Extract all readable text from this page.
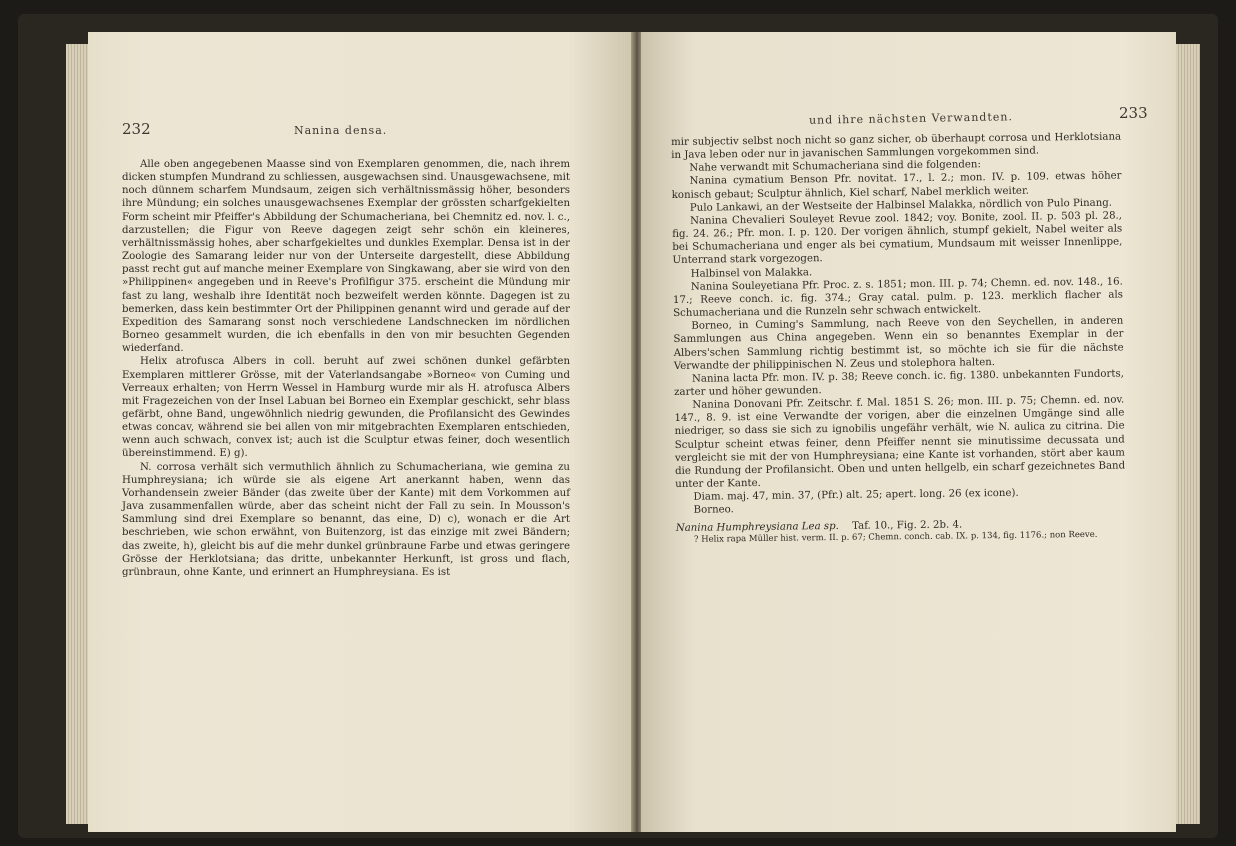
232	Nanina densa.

Alle oben angegebenen Maasse sind von Exemplaren genommen, die, nach ihrem dicken stumpfen Mundrand zu schliessen, ausgewachsen sind. Unausgewachsene, mit noch dünnem scharfem Mundsaum, zeigen sich verhältnissmässig höher, besonders ihre Mündung; ein solches unausgewachsenes Exemplar der grössten scharfgekielten Form scheint mir Pfeiffer's Abbildung der Schumacheriana, bei Chemnitz ed. nov. l. c., darzustellen; die Figur von Reeve dagegen zeigt sehr schön ein kleineres, verhältnissmässig hohes, aber scharfgekieltes und dunkles Exemplar. Densa ist in der Zoologie des Samarang leider nur von der Unterseite dargestellt, diese Abbildung passt recht gut auf manche meiner Exemplare von Singkawang, aber sie wird von den »Philippinen« angegeben und in Reeve's Profilfigur 375. erscheint die Mündung mir fast zu lang, weshalb ihre Identität noch bezweifelt werden könnte. Dagegen ist zu bemerken, dass kein bestimmter Ort der Philippinen genannt wird und gerade auf der Expedition des Samarang sonst noch verschiedene Landschnecken im nördlichen Borneo gesammelt wurden, die ich ebenfalls in den von mir besuchten Gegenden wiederfand.

Helix atrofusca Albers in coll. beruht auf zwei schönen dunkel gefärbten Exemplaren mittlerer Grösse, mit der Vaterlandsangabe »Borneo« von Cuming und Verreaux erhalten; von Herrn Wessel in Hamburg wurde mir als H. atrofusca Albers mit Fragezeichen von der Insel Labuan bei Borneo ein Exemplar geschickt, sehr blass gefärbt, ohne Band, ungewöhnlich niedrig gewunden, die Profilansicht des Gewindes etwas concav, während sie bei allen von mir mitgebrachten Exemplaren entschieden, wenn auch schwach, convex ist; auch ist die Sculptur etwas feiner, doch wesentlich übereinstimmend. E) g).

N. corrosa verhält sich vermuthlich ähnlich zu Schumacheriana, wie gemina zu Humphreysiana; ich würde sie als eigene Art anerkannt haben, wenn das Vorhandensein zweier Bänder (das zweite über der Kante) mit dem Vorkommen auf Java zusammenfallen würde, aber das scheint nicht der Fall zu sein. In Mousson's Sammlung sind drei Exemplare so benannt, das eine, D) c), wonach er die Art beschrieben, wie schon erwähnt, von Buitenzorg, ist das einzige mit zwei Bändern; das zweite, h), gleicht bis auf die mehr dunkel grünbraune Farbe und etwas geringere Grösse der Herklotsiana; das dritte, unbekannter Herkunft, ist gross und flach, grünbraun, ohne Kante, und erinnert an Humphreysiana. Es ist

und ihre nächsten Verwandten.	233

mir subjectiv selbst noch nicht so ganz sicher, ob überhaupt corrosa und Herklotsiana in Java leben oder nur in javanischen Sammlungen vorgekommen sind.

Nahe verwandt mit Schumacheriana sind die folgenden:

Nanina cymatium Benson Pfr. novitat. 17., l. 2.; mon. IV. p. 109. etwas höher konisch gebaut; Sculptur ähnlich, Kiel scharf, Nabel merklich weiter.

Pulo Lankawi, an der Westseite der Halbinsel Malakka, nördlich von Pulo Pinang.

Nanina Chevalieri Souleyet Revue zool. 1842; voy. Bonite, zool. II. p. 503 pl. 28., fig. 24. 26.; Pfr. mon. I. p. 120. Der vorigen ähnlich, stumpf gekielt, Nabel weiter als bei Schumacheriana und enger als bei cymatium, Mundsaum mit weisser Innenlippe, Unterrand stark vorgezogen.

Halbinsel von Malakka.

Nanina Souleyetiana Pfr. Proc. z. s. 1851; mon. III. p. 74; Chemn. ed. nov. 148., 16. 17.; Reeve conch. ic. fig. 374.; Gray catal. pulm. p. 123. merklich flacher als Schumacheriana und die Runzeln sehr schwach entwickelt.

Borneo, in Cuming's Sammlung, nach Reeve von den Seychellen, in anderen Sammlungen aus China angegeben. Wenn ein so benanntes Exemplar in der Albers'schen Sammlung richtig bestimmt ist, so möchte ich sie für die nächste Verwandte der philippinischen N. Zeus und stolephora halten.

Nanina lacta Pfr. mon. IV. p. 38; Reeve conch. ic. fig. 1380. unbekannten Fundorts, zarter und höher gewunden.

Nanina Donovani Pfr. Zeitschr. f. Mal. 1851 S. 26; mon. III. p. 75; Chemn. ed. nov. 147., 8. 9. ist eine Verwandte der vorigen, aber die einzelnen Umgänge sind alle niedriger, so dass sie sich zu ignobilis ungefähr verhält, wie N. aulica zu citrina. Die Sculptur scheint etwas feiner, denn Pfeiffer nennt sie minutissime decussata und vergleicht sie mit der von Humphreysiana; eine Kante ist vorhanden, stört aber kaum die Rundung der Profilansicht. Oben und unten hellgelb, ein scharf gezeichnetes Band unter der Kante.

Diam. maj. 47, min. 37, (Pfr.) alt. 25; apert. long. 26 (ex icone).

Borneo.

Nanina Humphreysiana Lea sp. Taf. 10., Fig. 2. 2b. 4.

? Helix rapa Müller hist. verm. II. p. 67; Chemn. conch. cab. IX. p. 134, fig. 1176.; non Reeve.
